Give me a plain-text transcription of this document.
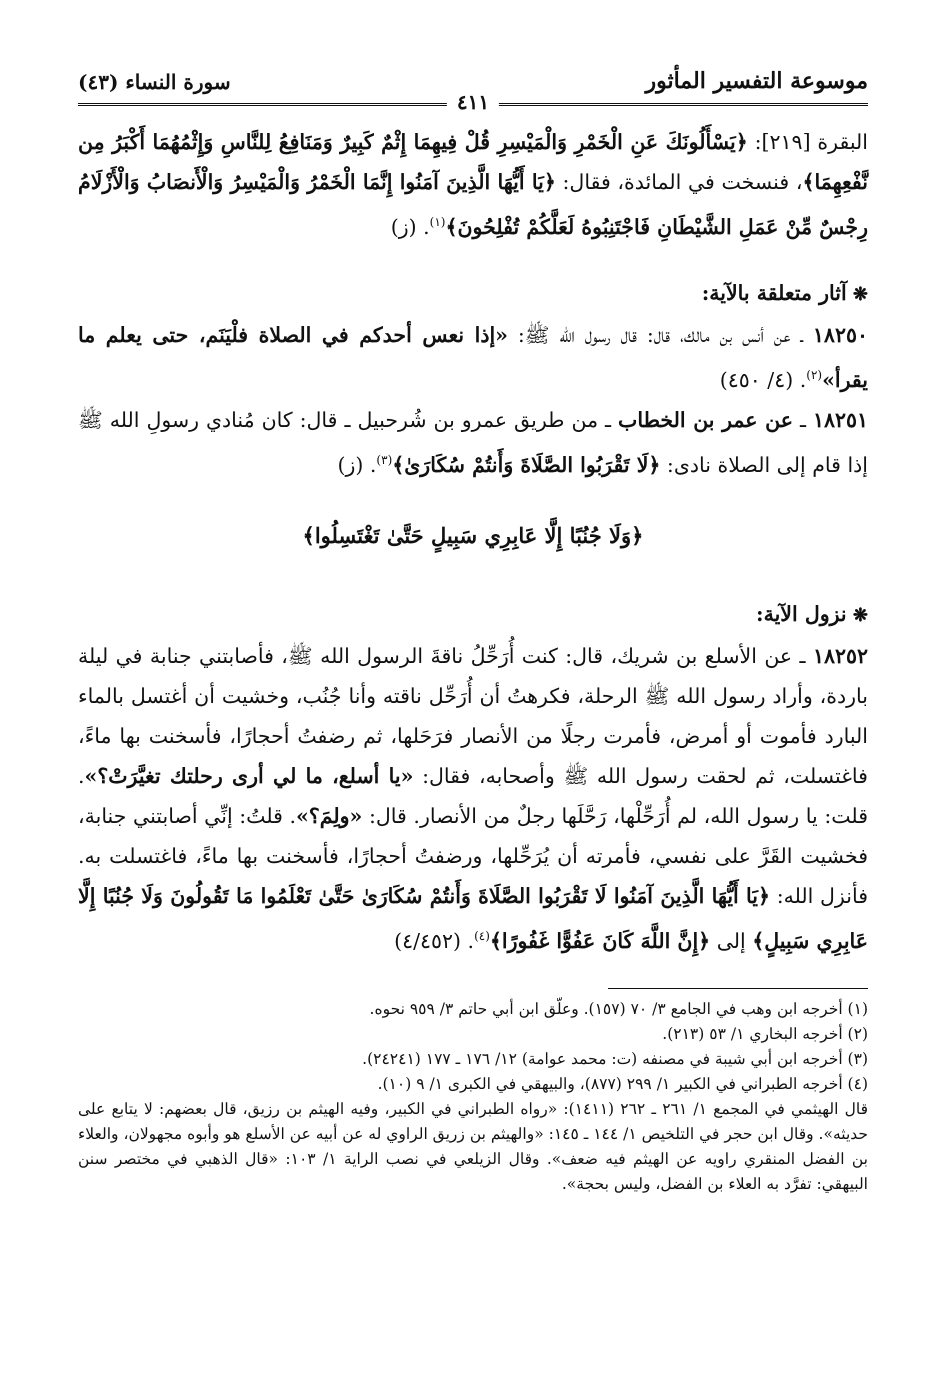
موسوعة التفسير المأثور
سورة النساء (٤٣)
٤١١

البقرة [٢١٩]: ﴿يَسْأَلُونَكَ عَنِ الْخَمْرِ وَالْمَيْسِرِ قُلْ فِيهِمَا إِثْمٌ كَبِيرٌ وَمَنَافِعُ لِلنَّاسِ وَإِثْمُهُمَا أَكْبَرُ مِن نَّفْعِهِمَا﴾، فنسخت في المائدة، فقال: ﴿يَا أَيُّهَا الَّذِينَ آمَنُوا إِنَّمَا الْخَمْرُ وَالْمَيْسِرُ وَالْأَنصَابُ وَالْأَزْلَامُ رِجْسٌ مِّنْ عَمَلِ الشَّيْطَانِ فَاجْتَنِبُوهُ لَعَلَّكُمْ تُفْلِحُونَ﴾$^{(١)}$. (ز)

❋ آثار متعلقة بالآية:

١٨٢٥٠ ـ عن أنس بن مالك، قال: قال رسول الله ﷺ: «إذا نعس أحدكم في الصلاة فلْيَنَم، حتى يعلم ما يقرأ»$^{(٢)}$. (٤/ ٤٥٠)

١٨٢٥١ ـ عن عمر بن الخطاب ـ من طريق عمرو بن شُرحبيل ـ قال: كان مُنادي رسولِ الله ﷺ إذا قام إلى الصلاة نادى: ﴿لَا تَقْرَبُوا الصَّلَاةَ وَأَنتُمْ سُكَارَىٰ﴾$^{(٣)}$. (ز)

﴿وَلَا جُنُبًا إِلَّا عَابِرِي سَبِيلٍ حَتَّىٰ تَغْتَسِلُوا﴾

❋ نزول الآية:

١٨٢٥٢ ـ عن الأسلع بن شريك، قال: كنت أُرَحِّلُ ناقةَ الرسول الله ﷺ، فأصابتني جنابة في ليلة باردة، وأراد رسول الله ﷺ الرحلة، فكرهتُ أن أُرَحِّل ناقته وأنا جُنُب، وخشيت أن أغتسل بالماء البارد فأموت أو أمرض، فأمرت رجلًا من الأنصار فرَحَلها، ثم رضفتُ أحجارًا، فأسخنت بها ماءً، فاغتسلت، ثم لحقت رسول الله ﷺ وأصحابه، فقال: «يا أسلع، ما لي أرى رحلتك تغيَّرَتْ؟». قلت: يا رسول الله، لم أُرَحِّلْها، رَحَّلَها رجلٌ من الأنصار. قال: «ولِمَ؟». قلتُ: إنِّي أصابتني جنابة، فخشيت القَرَّ على نفسي، فأمرته أن يُرَحِّلها، ورضفتُ أحجارًا، فأسخنت بها ماءً، فاغتسلت به. فأنزل الله: ﴿يَا أَيُّهَا الَّذِينَ آمَنُوا لَا تَقْرَبُوا الصَّلَاةَ وَأَنتُمْ سُكَارَىٰ حَتَّىٰ تَعْلَمُوا مَا تَقُولُونَ وَلَا جُنُبًا إِلَّا عَابِرِي سَبِيلٍ﴾ إلى ﴿إِنَّ اللَّهَ كَانَ عَفُوًّا غَفُورًا﴾$^{(٤)}$. (٤/٤٥٢)

(١) أخرجه ابن وهب في الجامع ٣/ ٧٠ (١٥٧). وعلّق ابن أبي حاتم ٣/ ٩٥٩ نحوه.

(٢) أخرجه البخاري ١/ ٥٣ (٢١٣).

(٣) أخرجه ابن أبي شيبة في مصنفه (ت: محمد عوامة) ١٢/ ١٧٦ ـ ١٧٧ (٢٤٢٤١).

(٤) أخرجه الطبراني في الكبير ١/ ٢٩٩ (٨٧٧)، والبيهقي في الكبرى ١/ ٩ (١٠).

قال الهيثمي في المجمع ١/ ٢٦١ ـ ٢٦٢ (١٤١١): «رواه الطبراني في الكبير، وفيه الهيثم بن رزيق، قال بعضهم: لا يتابع على حديثه». وقال ابن حجر في التلخيص ١/ ١٤٤ ـ ١٤٥: «والهيثم بن زريق الراوي له عن أبيه عن الأسلع هو وأبوه مجهولان، والعلاء بن الفضل المنقري راويه عن الهيثم فيه ضعف». وقال الزيلعي في نصب الراية ١/ ١٠٣: «قال الذهبي في مختصر سنن البيهقي: تفرَّد به العلاء بن الفضل، وليس بحجة».
